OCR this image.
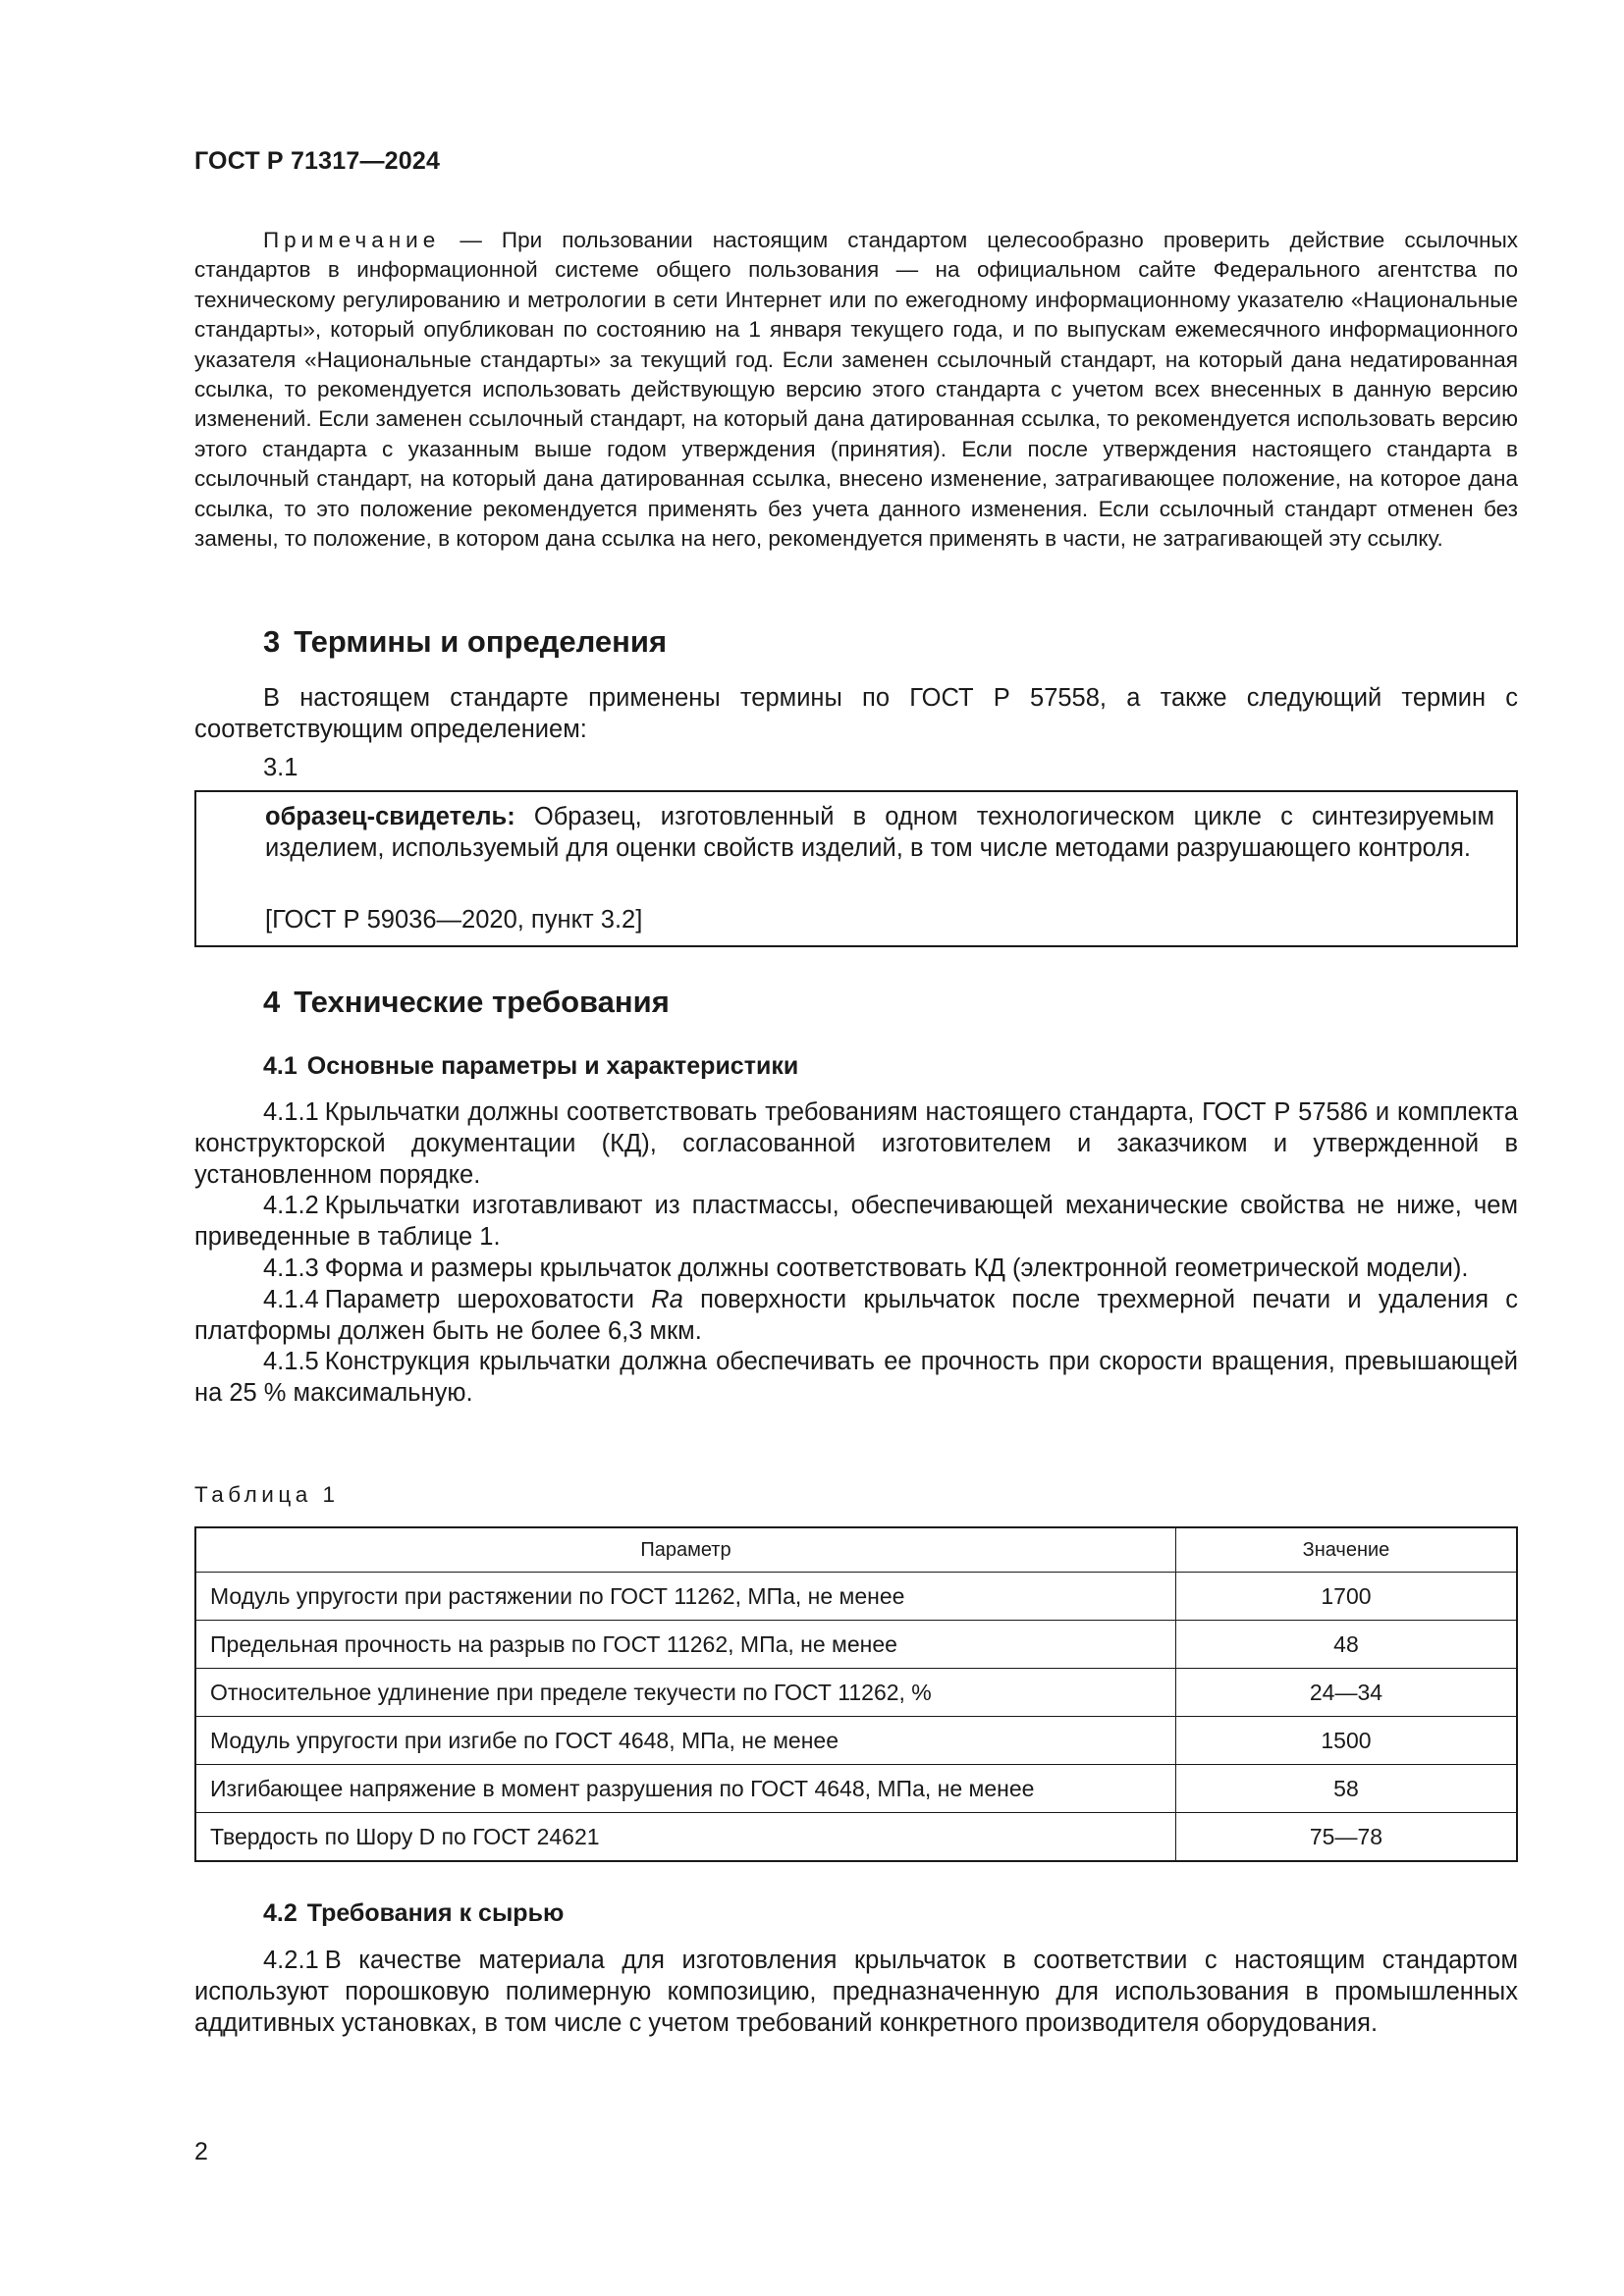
ГОСТ Р 71317—2024

Примечание — При пользовании настоящим стандартом целесообразно проверить действие ссылочных стандартов в информационной системе общего пользования — на официальном сайте Федерального агентства по техническому регулированию и метрологии в сети Интернет или по ежегодному информационному указателю «Национальные стандарты», который опубликован по состоянию на 1 января текущего года, и по выпускам ежемесячного информационного указателя «Национальные стандарты» за текущий год. Если заменен ссылочный стандарт, на который дана недатированная ссылка, то рекомендуется использовать действующую версию этого стандарта с учетом всех внесенных в данную версию изменений. Если заменен ссылочный стандарт, на который дана датированная ссылка, то рекомендуется использовать версию этого стандарта с указанным выше годом утверждения (принятия). Если после утверждения настоящего стандарта в ссылочный стандарт, на который дана датированная ссылка, внесено изменение, затрагивающее положение, на которое дана ссылка, то это положение рекомендуется применять без учета данного изменения. Если ссылочный стандарт отменен без замены, то положение, в котором дана ссылка на него, рекомендуется применять в части, не затрагивающей эту ссылку.

3 Термины и определения

В настоящем стандарте применены термины по ГОСТ Р 57558, а также следующий термин с соответствующим определением:

3.1

образец-свидетель: Образец, изготовленный в одном технологическом цикле с синтезируемым изделием, используемый для оценки свойств изделий, в том числе методами разрушающего контроля.

[ГОСТ Р 59036—2020, пункт 3.2]
4 Технические требования
4.1 Основные параметры и характеристики

4.1.1 Крыльчатки должны соответствовать требованиям настоящего стандарта, ГОСТ Р 57586 и комплекта конструкторской документации (КД), согласованной изготовителем и заказчиком и утвержденной в установленном порядке.

4.1.2 Крыльчатки изготавливают из пластмассы, обеспечивающей механические свойства не ниже, чем приведенные в таблице 1.

4.1.3 Форма и размеры крыльчаток должны соответствовать КД (электронной геометрической модели).

4.1.4 Параметр шероховатости Ra поверхности крыльчаток после трехмерной печати и удаления с платформы должен быть не более 6,3 мкм.

4.1.5 Конструкция крыльчатки должна обеспечивать ее прочность при скорости вращения, превышающей на 25 % максимальную.

Таблица 1
Параметр	Значение
Модуль упругости при растяжении по ГОСТ 11262, МПа, не менее	1700
Предельная прочность на разрыв по ГОСТ 11262, МПа, не менее	48
Относительное удлинение при пределе текучести по ГОСТ 11262, %	24—34
Модуль упругости при изгибе по ГОСТ 4648, МПа, не менее	1500
Изгибающее напряжение в момент разрушения по ГОСТ 4648, МПа, не менее	58
Твердость по Шору D по ГОСТ 24621	75—78
4.2 Требования к сырью

4.2.1 В качестве материала для изготовления крыльчаток в соответствии с настоящим стандартом используют порошковую полимерную композицию, предназначенную для использования в промышленных аддитивных установках, в том числе с учетом требований конкретного производителя оборудования.

2
